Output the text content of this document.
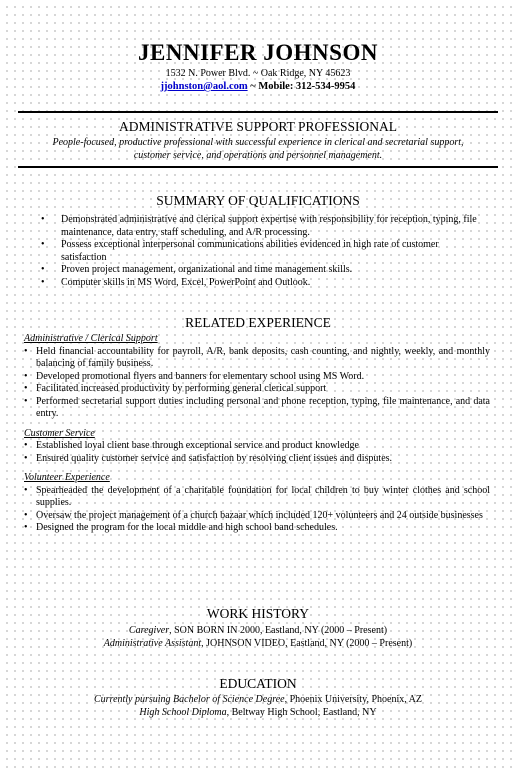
JENNIFER JOHNSON
1532 N. Power Blvd. ~ Oak Ridge, NY 45623
jjohnston@aol.com ~ Mobile: 312-534-9954
ADMINISTRATIVE SUPPORT PROFESSIONAL
People-focused, productive professional with successful experience in clerical and secretarial support, customer service, and operations and personnel management.
SUMMARY OF QUALIFICATIONS
• Demonstrated administrative and clerical support expertise with responsibility for reception, typing, file maintenance, data entry, staff scheduling, and A/R processing.
• Possess exceptional interpersonal communications abilities evidenced in high rate of customer satisfaction
• Proven project management, organizational and time management skills.
• Computer skills in MS Word, Excel, PowerPoint and Outlook.
RELATED EXPERIENCE
Administrative / Clerical Support
• Held financial accountability for payroll, A/R, bank deposits, cash counting, and nightly, weekly, and monthly balancing of family business.
• Developed promotional flyers and banners for elementary school using MS Word.
• Facilitated increased productivity by performing general clerical support
• Performed secretarial support duties including personal and phone reception, typing, file maintenance, and data entry.
Customer Service
• Established loyal client base through exceptional service and product knowledge
• Ensured quality customer service and satisfaction by resolving client issues and disputes.
Volunteer Experience
• Spearheaded the development of a charitable foundation for local children to buy winter clothes and school supplies.
• Oversaw the project management of a church bazaar which included 120+ volunteers and 24 outside businesses
• Designed the program for the local middle and high school band schedules.
WORK HISTORY
Caregiver, SON BORN IN 2000, Eastland, NY (2000 – Present)
Administrative Assistant, JOHNSON VIDEO, Eastland, NY (2000 – Present)
EDUCATION
Currently pursuing Bachelor of Science Degree, Phoenix University, Phoenix, AZ
High School Diploma, Beltway High School, Eastland, NY
